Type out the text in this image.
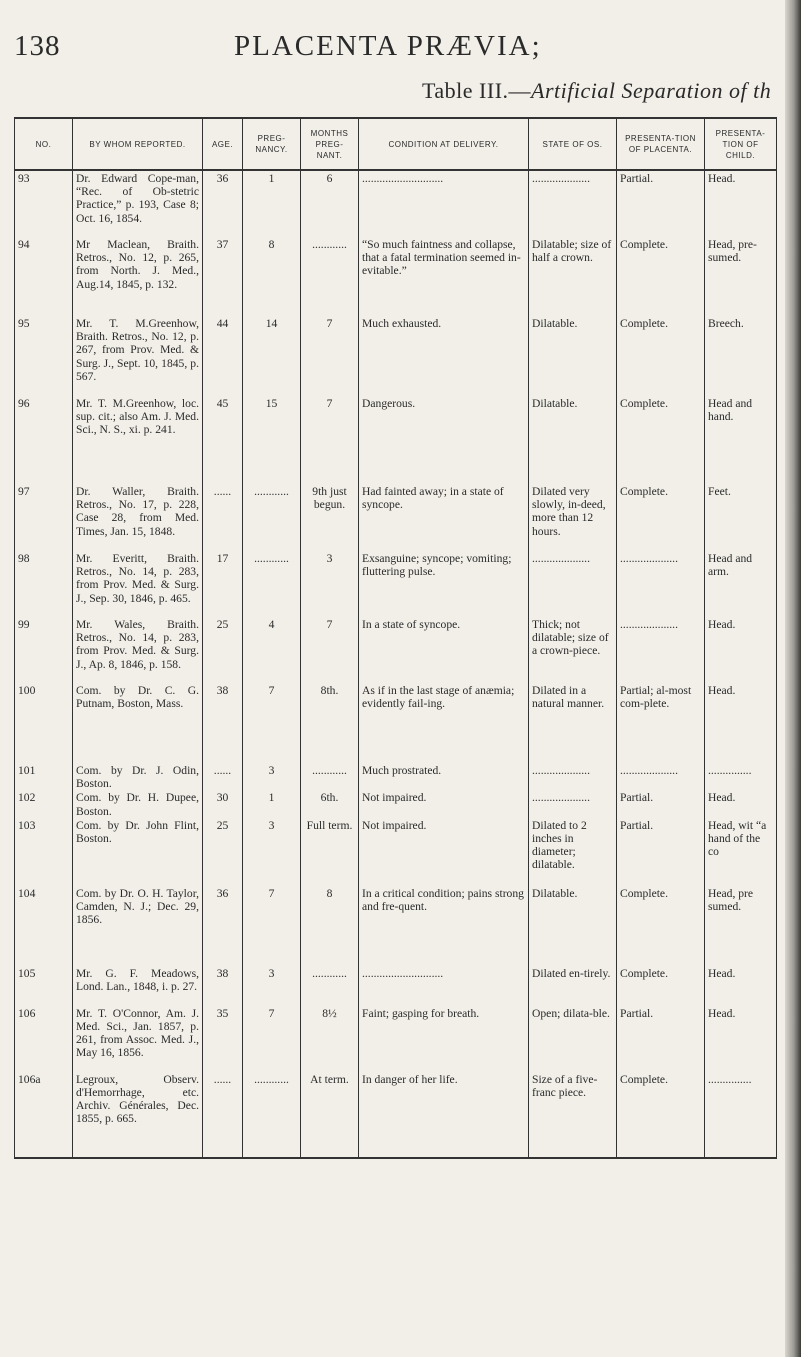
138	PLACENTA PRÆVIA;
Table III.—Artificial Separation of th
NO.	BY WHOM REPORTED.	AGE.	PREG-NANCY.	MONTHS PREG-NANT.	CONDITION AT DELIVERY.	STATE OF OS.	PRESENTA-TION OF PLACENTA.	PRESENTA-TION OF CHILD.
93	Dr. Edward Cope-man, “Rec. of Ob-stetric Practice,” p. 193, Case 8; Oct. 16, 1854.	36	1	6	............................	....................	Partial.	Head.
94	Mr Maclean, Braith. Retros., No. 12, p. 265, from North. J. Med., Aug.14, 1845, p. 132.	37	8	............	“So much faintness and collapse, that a fatal termination seemed in-evitable.”	Dilatable; size of half a crown.	Complete.	Head, pre-sumed.
95	Mr. T. M.Greenhow, Braith. Retros., No. 12, p. 267, from Prov. Med. & Surg. J., Sept. 10, 1845, p. 567.	44	14	7	Much exhausted.	Dilatable.	Complete.	Breech.
96	Mr. T. M.Greenhow, loc. sup. cit.; also Am. J. Med. Sci., N. S., xi. p. 241.	45	15	7	Dangerous.	Dilatable.	Complete.	Head and hand.
97	Dr. Waller, Braith. Retros., No. 17, p. 228, Case 28, from Med. Times, Jan. 15, 1848.	......	............	9th just begun.	Had fainted away; in a state of syncope.	Dilated very slowly, in-deed, more than 12 hours.	Complete.	Feet.
98	Mr. Everitt, Braith. Retros., No. 14, p. 283, from Prov. Med. & Surg. J., Sep. 30, 1846, p. 465.	17	............	3	Exsanguine; syncope; vomiting; fluttering pulse.	....................	....................	Head and arm.
99	Mr. Wales, Braith. Retros., No. 14, p. 283, from Prov. Med. & Surg. J., Ap. 8, 1846, p. 158.	25	4	7	In a state of syncope.	Thick; not dilatable; size of a crown-piece.	....................	Head.
100	Com. by Dr. C. G. Putnam, Boston, Mass.	38	7	8th.	As if in the last stage of anæmia; evidently fail-ing.	Dilated in a natural manner.	Partial; al-most com-plete.	Head.
101	Com. by Dr. J. Odin, Boston.	......	3	............	Much prostrated.	....................	....................	...............
102	Com. by Dr. H. Dupee, Boston.	30	1	6th.	Not impaired.	....................	Partial.	Head.
103	Com. by Dr. John Flint, Boston.	25	3	Full term.	Not impaired.	Dilated to 2 inches in diameter; dilatable.	Partial.	Head, wit “a hand of the co
104	Com. by Dr. O. H. Taylor, Camden, N. J.; Dec. 29, 1856.	36	7	8	In a critical condition; pains strong and fre-quent.	Dilatable.	Complete.	Head, pre sumed.
105	Mr. G. F. Meadows, Lond. Lan., 1848, i. p. 27.	38	3	............	............................	Dilated en-tirely.	Complete.	Head.
106	Mr. T. O'Connor, Am. J. Med. Sci., Jan. 1857, p. 261, from Assoc. Med. J., May 16, 1856.	35	7	8½	Faint; gasping for breath.	Open; dilata-ble.	Partial.	Head.
106a	Legroux, Observ. d'Hemorrhage, etc. Archiv. Générales, Dec. 1855, p. 665.	......	............	At term.	In danger of her life.	Size of a five-franc piece.	Complete.	...............
